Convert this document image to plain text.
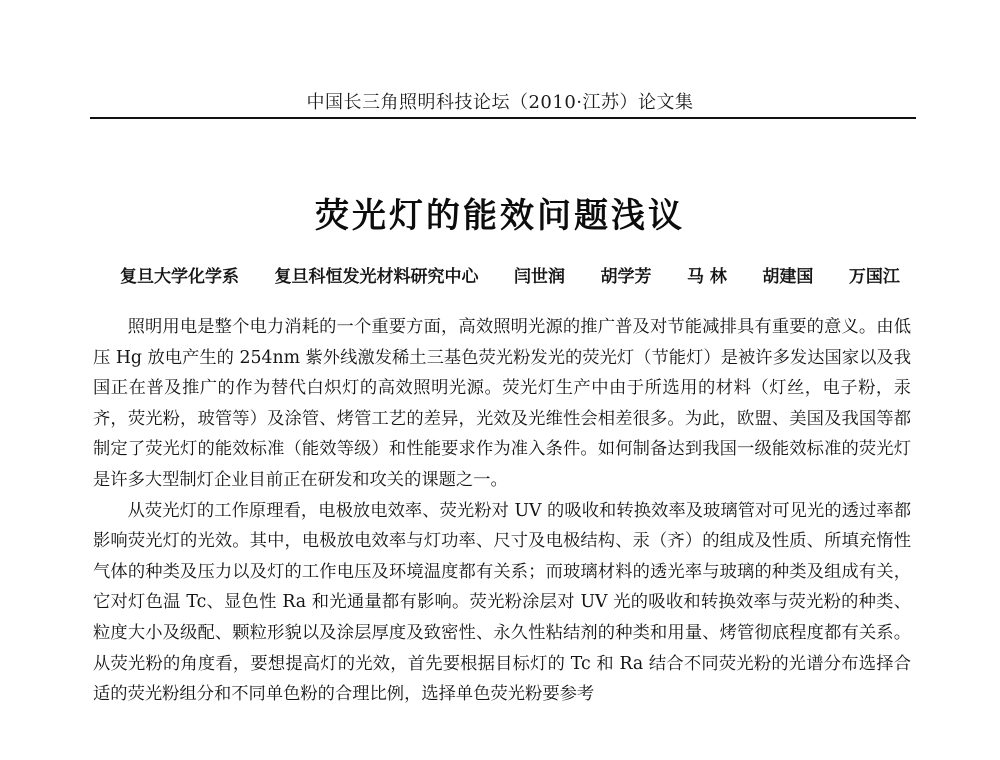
中国长三角照明科技论坛（2010·江苏）论文集
荧光灯的能效问题浅议
复旦大学化学系 复旦科恒发光材料研究中心 闫世润 胡学芳 马 林 胡建国 万国江

照明用电是整个电力消耗的一个重要方面，高效照明光源的推广普及对节能减排具有重要的意义。由低压 Hg 放电产生的 254nm 紫外线激发稀土三基色荧光粉发光的荧光灯（节能灯）是被许多发达国家以及我国正在普及推广的作为替代白炽灯的高效照明光源。荧光灯生产中由于所选用的材料（灯丝，电子粉，汞齐，荧光粉，玻管等）及涂管、烤管工艺的差异，光效及光维性会相差很多。为此，欧盟、美国及我国等都制定了荧光灯的能效标准（能效等级）和性能要求作为准入条件。如何制备达到我国一级能效标准的荧光灯是许多大型制灯企业目前正在研发和攻关的课题之一。

从荧光灯的工作原理看，电极放电效率、荧光粉对 UV 的吸收和转换效率及玻璃管对可见光的透过率都影响荧光灯的光效。其中，电极放电效率与灯功率、尺寸及电极结构、汞（齐）的组成及性质、所填充惰性气体的种类及压力以及灯的工作电压及环境温度都有关系；而玻璃材料的透光率与玻璃的种类及组成有关，它对灯色温 Tc、显色性 Ra 和光通量都有影响。荧光粉涂层对 UV 光的吸收和转换效率与荧光粉的种类、粒度大小及级配、颗粒形貌以及涂层厚度及致密性、永久性粘结剂的种类和用量、烤管彻底程度都有关系。从荧光粉的角度看，要想提高灯的光效，首先要根据目标灯的 Tc 和 Ra 结合不同荧光粉的光谱分布选择合适的荧光粉组分和不同单色粉的合理比例，选择单色荧光粉要参考
